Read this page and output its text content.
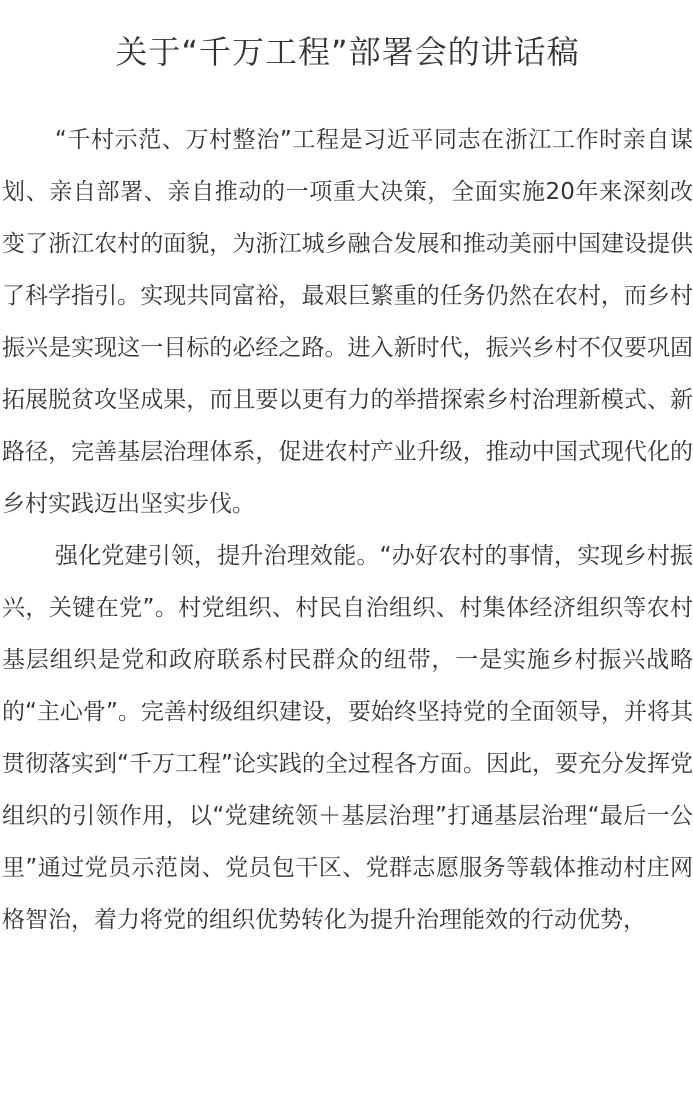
关于“千万工程”部署会的讲话稿

“千村示范、万村整治”工程是习近平同志在浙江工作时亲自谋划、亲自部署、亲自推动的一项重大决策，全面实施20年来深刻改变了浙江农村的面貌，为浙江城乡融合发展和推动美丽中国建设提供了科学指引。实现共同富裕，最艰巨繁重的任务仍然在农村，而乡村振兴是实现这一目标的必经之路。进入新时代，振兴乡村不仅要巩固拓展脱贫攻坚成果，而且要以更有力的举措探索乡村治理新模式、新路径，完善基层治理体系，促进农村产业升级，推动中国式现代化的乡村实践迈出坚实步伐。

强化党建引领，提升治理效能。“办好农村的事情，实现乡村振兴，关键在党”。村党组织、村民自治组织、村集体经济组织等农村基层组织是党和政府联系村民群众的纽带，一是实施乡村振兴战略的“主心骨”。完善村级组织建设，要始终坚持党的全面领导，并将其贯彻落实到“千万工程”论实践的全过程各方面。因此，要充分发挥党组织的引领作用，以“党建统领＋基层治理”打通基层治理“最后一公里”通过党员示范岗、党员包干区、党群志愿服务等载体推动村庄网格智治，着力将党的组织优势转化为提升治理能效的行动优势，
